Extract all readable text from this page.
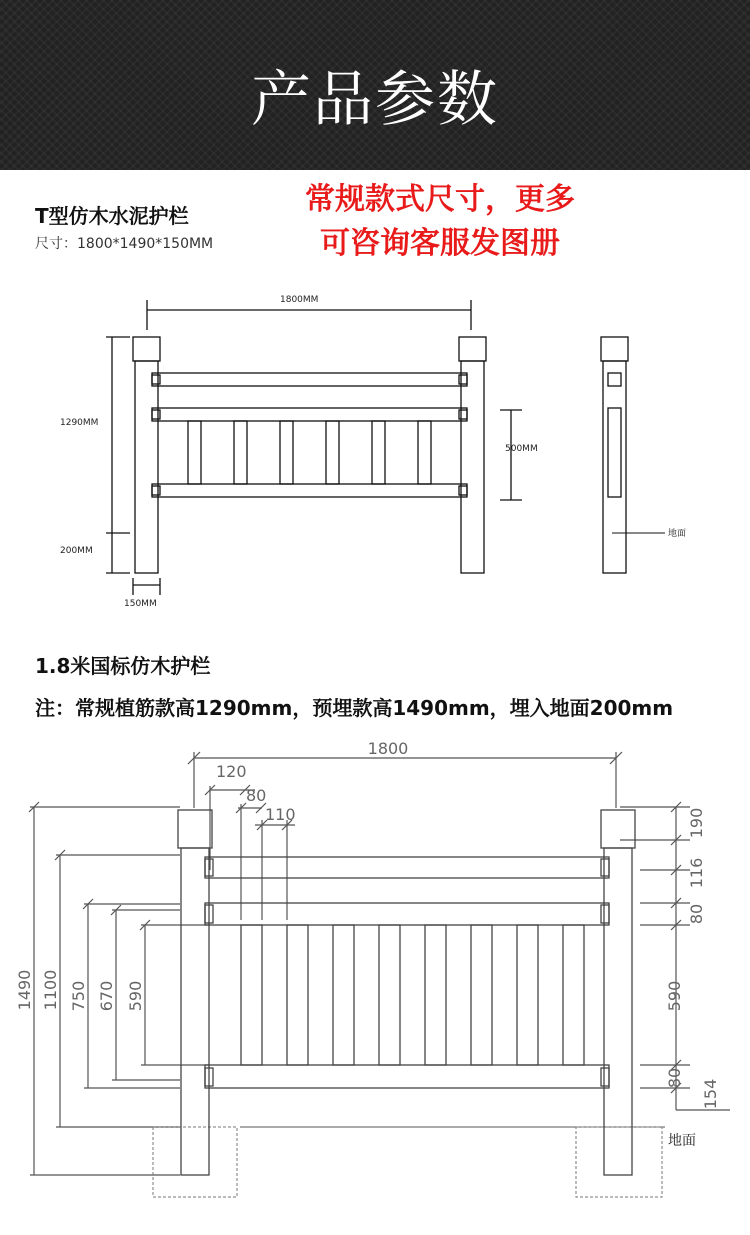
产品参数
T型仿木水泥护栏
尺寸：1800*1490*150MM
常规款式尺寸，更多
可咨询客服发图册
1800MM
1290MM
200MM
150MM
500MM
地面
1.8米国标仿木护栏
注：常规植筋款高1290mm，预埋款高1490mm，埋入地面200mm
1800
120
80
110
1490 1100 750 670 590
190
116
80
590
80
154
地面
